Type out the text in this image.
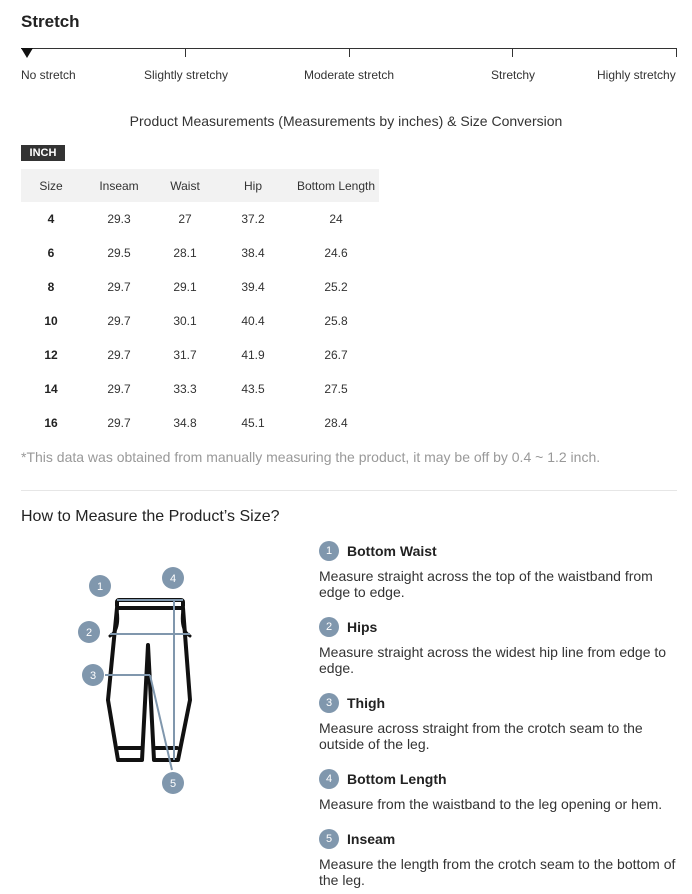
Stretch
No stretch	Slightly stretchy	Moderate stretch	Stretchy	Highly stretchy
Product Measurements (Measurements by inches) & Size Conversion
INCH
Size	Inseam	Waist	Hip	Bottom Length
4	29.3	27	37.2	24
6	29.5	28.1	38.4	24.6
8	29.7	29.1	39.4	25.2
10	29.7	30.1	40.4	25.8
12	29.7	31.7	41.9	26.7
14	29.7	33.3	43.5	27.5
16	29.7	34.8	45.1	28.4
*This data was obtained from manually measuring the product, it may be off by 0.4 ~ 1.2 inch.
How to Measure the Product’s Size?
1
2
3
4
5
1	Bottom Waist
Measure straight across the top of the waistband from edge to edge.
2	Hips
Measure straight across the widest hip line from edge to edge.
3	Thigh
Measure across straight from the crotch seam to the outside of the leg.
4	Bottom Length
Measure from the waistband to the leg opening or hem.
5	Inseam
Measure the length from the crotch seam to the bottom of the leg.
